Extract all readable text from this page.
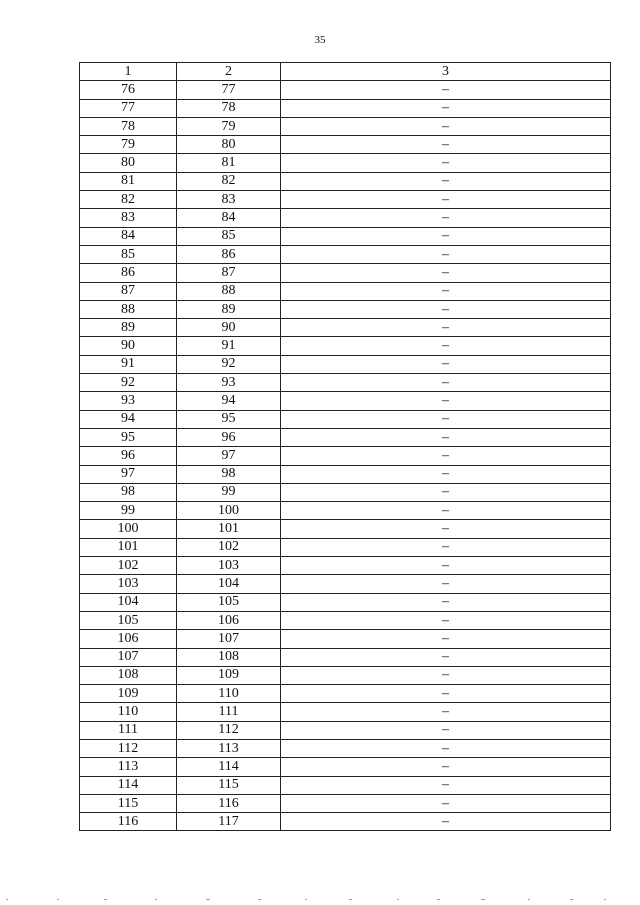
35
1	2	3
76	77	–
77	78	–
78	79	–
79	80	–
80	81	–
81	82	–
82	83	–
83	84	–
84	85	–
85	86	–
86	87	–
87	88	–
88	89	–
89	90	–
90	91	–
91	92	–
92	93	–
93	94	–
94	95	–
95	96	–
96	97	–
97	98	–
98	99	–
99	100	–
100	101	–
101	102	–
102	103	–
103	104	–
104	105	–
105	106	–
106	107	–
107	108	–
108	109	–
109	110	–
110	111	–
111	112	–
112	113	–
113	114	–
114	115	–
115	116	–
116	117	–
